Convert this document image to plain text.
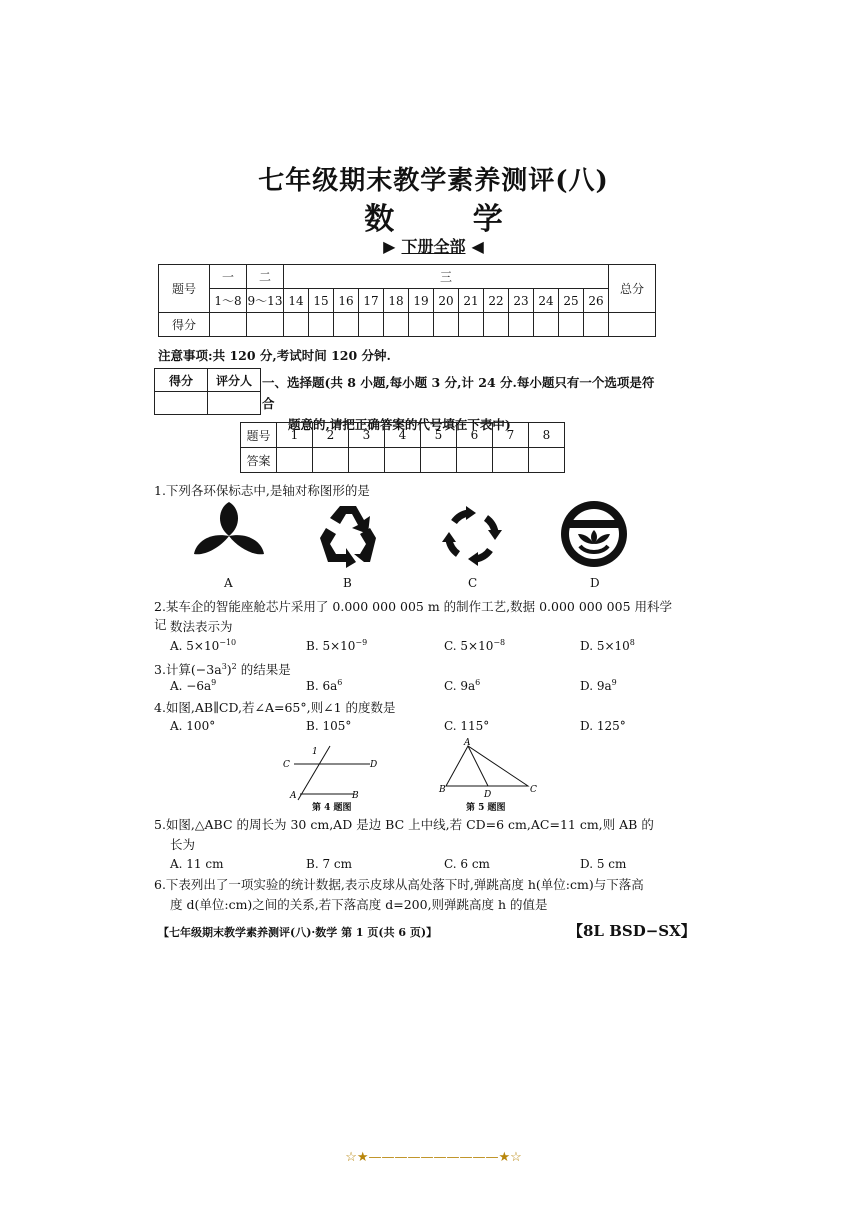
七年级期末教学素养测评(八)
数 学
▶ 下册全部 ◀
题号	一	二	三													总分
	1～8	9～13	14	15	16	17	18	19	20	21	22	23	24	25	26	
得分																
注意事项:共 120 分,考试时间 120 分钟.
得分	评分人
	一、选择题(共 8 小题,每小题 3 分,计 24 分.每小题只有一个选项是符合
题意的,请把正确答案的代号填在下表中)
题号	1	2	3	4	5	6	7	8
答案								
1.下列各环保标志中,是轴对称图形的是
A	B	C	D
2.某车企的智能座舱芯片采用了 0.000 000 005 m 的制作工艺,数据 0.000 000 005 用科学记 数法表示为
A. $5\times 10^{-10}$	B. $5\times 10^{-9}$	C. $5\times 10^{-8}$	D. $5\times 10^8$
3.计算$(-3a^3)^2$ 的结果是
A. $-6a^9$	B. $6a^6$	C. $9a^6$	D. $9a^9$
4.如图,AB∥CD,若∠A=65°,则∠1 的度数是
A. 100°	B. 105°	C. 115°	D. 125°
1
C	D
A	B
第 4 题图
A
B	D	C
第 5 题图
5.如图,△ABC 的周长为 30 cm,AD 是边 BC 上中线,若 CD=6 cm,AC=11 cm,则 AB 的
长为
A. 11 cm	B. 7 cm	C. 6 cm	D. 5 cm
6.下表列出了一项实验的统计数据,表示皮球从高处落下时,弹跳高度 h(单位:cm)与下落高
度 d(单位:cm)之间的关系,若下落高度 d=200,则弹跳高度 h 的值是
【七年级期末教学素养测评(八)·数学 第 1 页(共 6 页)】	【8L BSD−SX】
☆★——————————★☆
